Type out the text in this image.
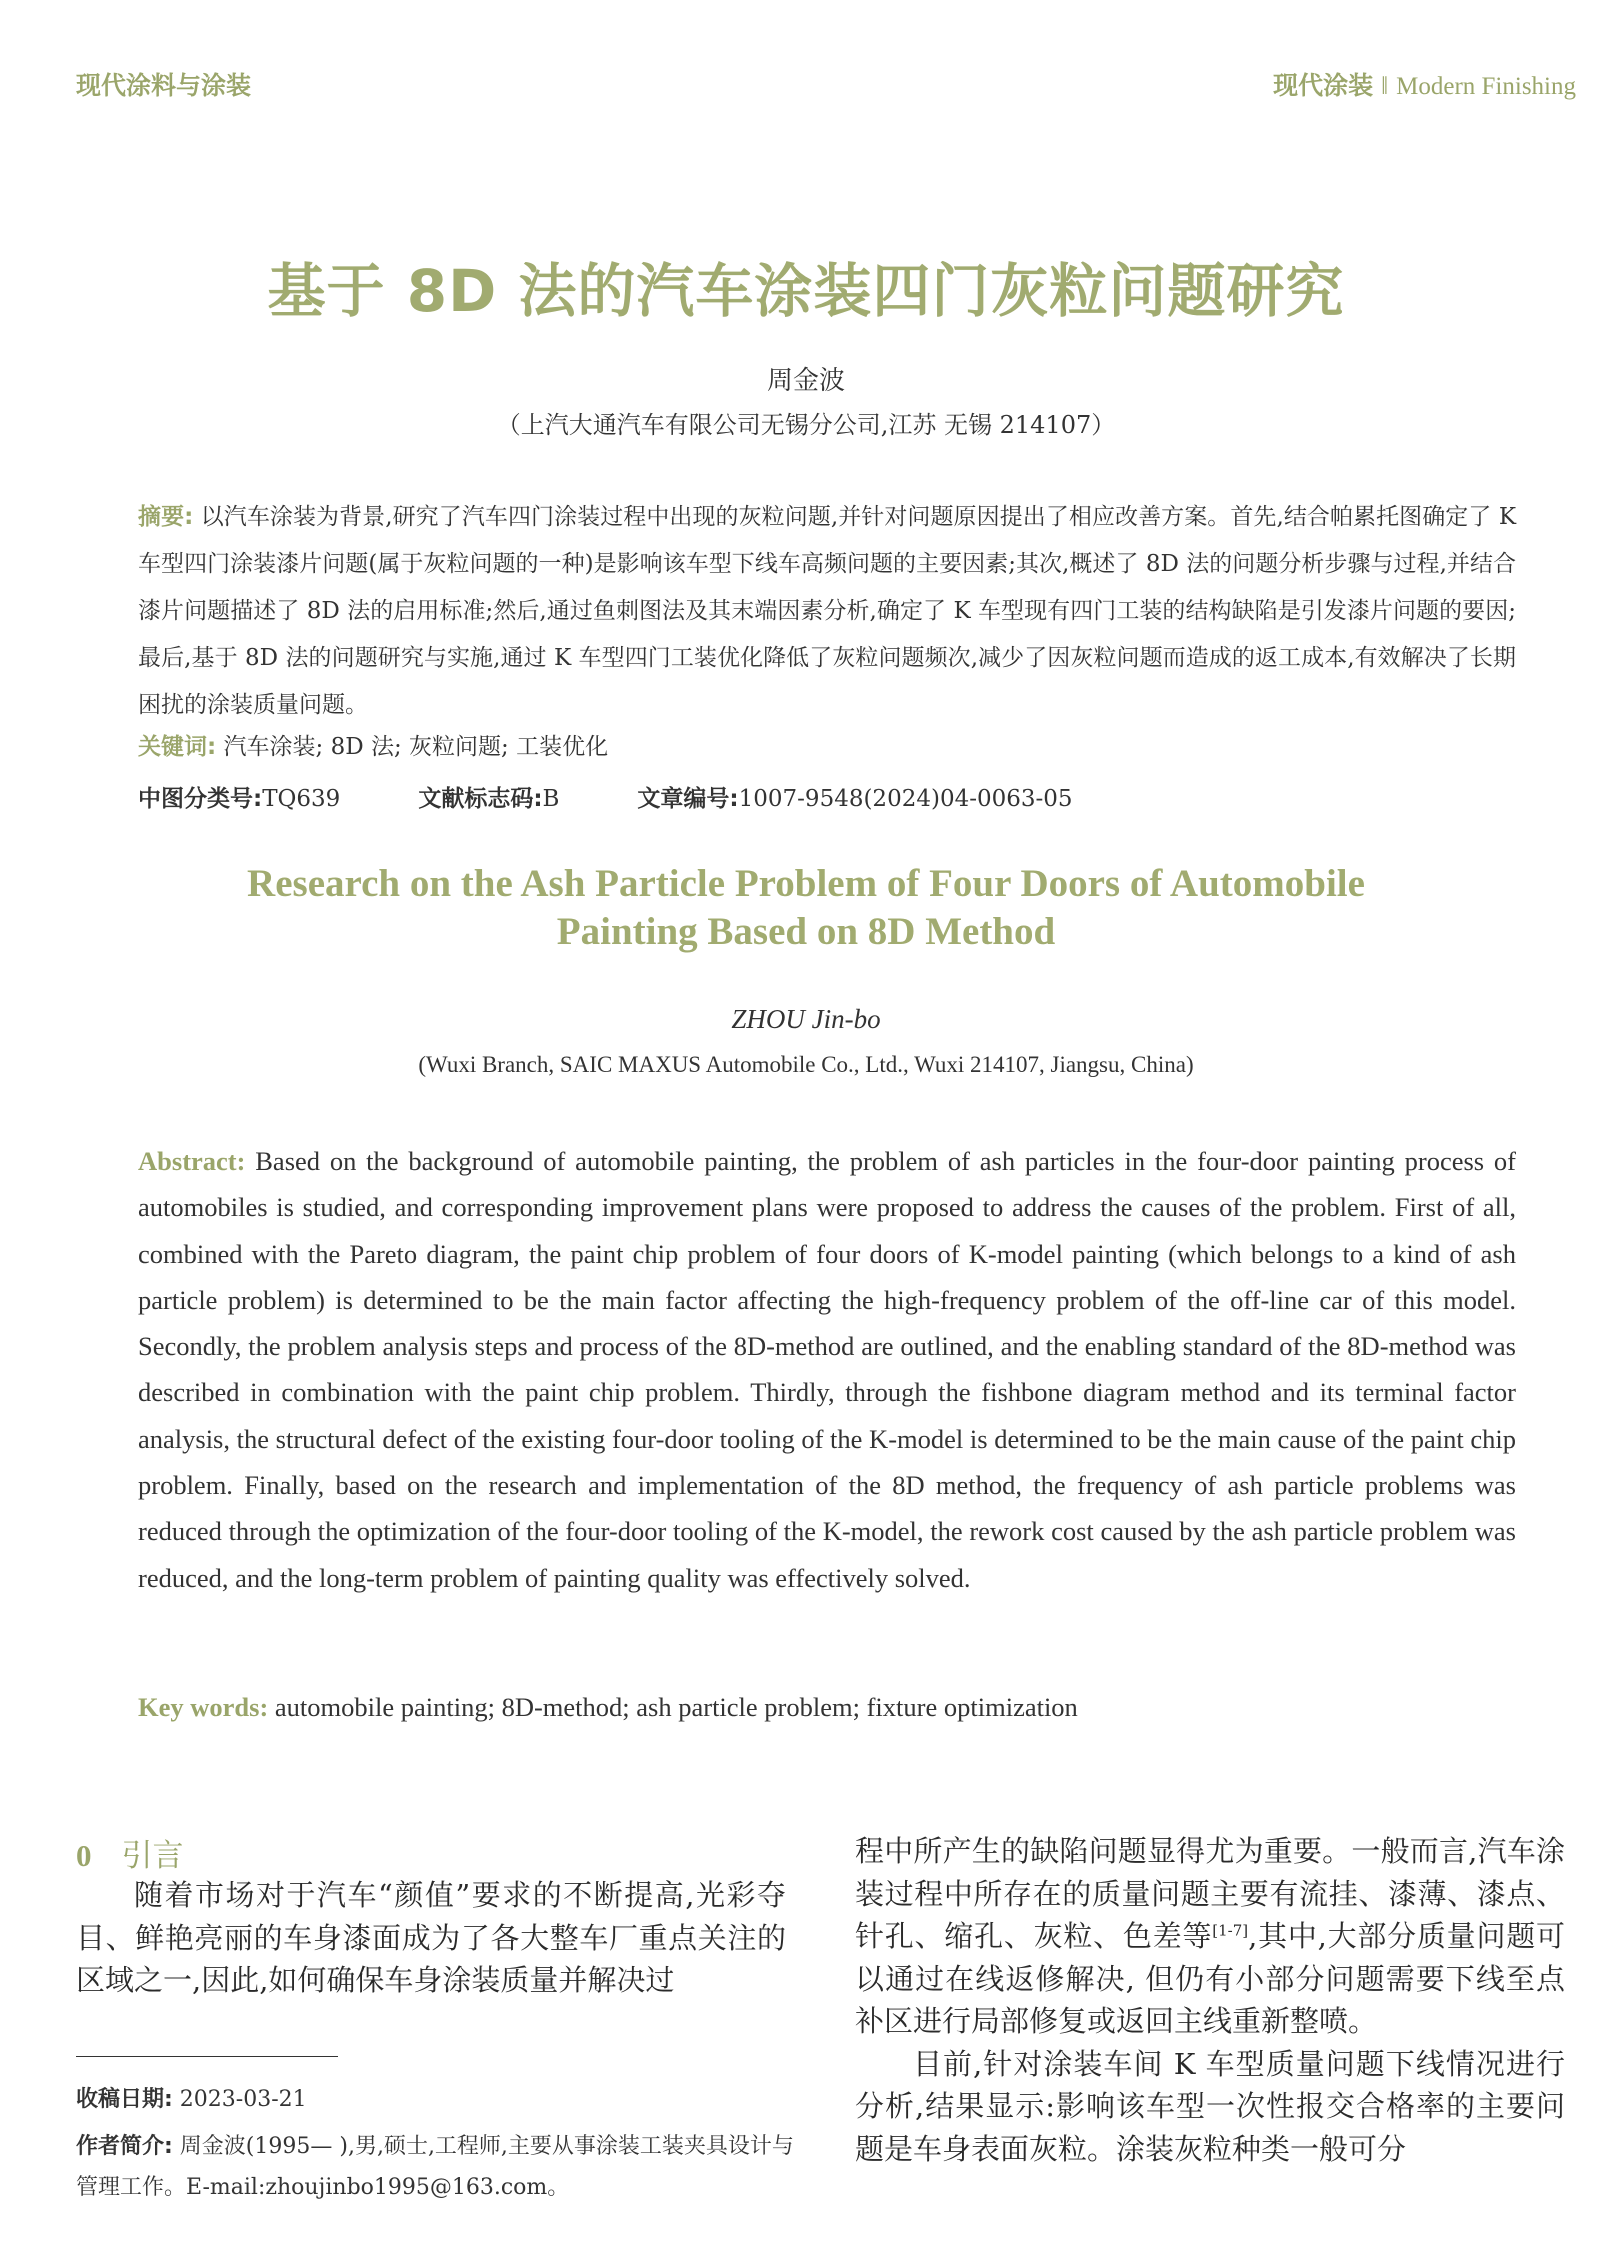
现代涂料与涂装	现代涂装 ‖ Modern Finishing
基于 8D 法的汽车涂装四门灰粒问题研究
周金波
（上汽大通汽车有限公司无锡分公司,江苏 无锡 214107）

摘要: 以汽车涂装为背景,研究了汽车四门涂装过程中出现的灰粒问题,并针对问题原因提出了相应改善方案。首先,结合帕累托图确定了 K 车型四门涂装漆片问题(属于灰粒问题的一种)是影响该车型下线车高频问题的主要因素;其次,概述了 8D 法的问题分析步骤与过程,并结合漆片问题描述了 8D 法的启用标准;然后,通过鱼刺图法及其末端因素分析,确定了 K 车型现有四门工装的结构缺陷是引发漆片问题的要因;最后,基于 8D 法的问题研究与实施,通过 K 车型四门工装优化降低了灰粒问题频次,减少了因灰粒问题而造成的返工成本,有效解决了长期困扰的涂装质量问题。

关键词: 汽车涂装; 8D 法; 灰粒问题; 工装优化

中图分类号:TQ639	文献标志码:B	文章编号:1007-9548(2024)04-0063-05
Research on the Ash Particle Problem of Four Doors of Automobile
Painting Based on 8D Method
ZHOU Jin-bo
(Wuxi Branch, SAIC MAXUS Automobile Co., Ltd., Wuxi 214107, Jiangsu, China)

Abstract: Based on the background of automobile painting, the problem of ash particles in the four-door painting process of automobiles is studied, and corresponding improvement plans were proposed to address the causes of the problem. First of all, combined with the Pareto diagram, the paint chip problem of four doors of K-model painting (which belongs to a kind of ash particle problem) is determined to be the main factor affecting the high-frequency problem of the off-line car of this model. Secondly, the problem analysis steps and process of the 8D-method are outlined, and the enabling standard of the 8D-method was described in combination with the paint chip problem. Thirdly, through the fishbone diagram method and its terminal factor analysis, the structural defect of the existing four-door tooling of the K-model is determined to be the main cause of the paint chip problem. Finally, based on the research and implementation of the 8D method, the frequency of ash particle problems was reduced through the optimization of the four-door tooling of the K-model, the rework cost caused by the ash particle problem was reduced, and the long-term problem of painting quality was effectively solved.

Key words: automobile painting; 8D-method; ash particle problem; fixture optimization

0 引言

随着市场对于汽车“颜值”要求的不断提高,光彩夺目、鲜艳亮丽的车身漆面成为了各大整车厂重点关注的区域之一,因此,如何确保车身涂装质量并解决过

程中所产生的缺陷问题显得尤为重要。一般而言,汽车涂装过程中所存在的质量问题主要有流挂、漆薄、漆点、针孔、缩孔、灰粒、色差等[1-7],其中,大部分质量问题可以通过在线返修解决, 但仍有小部分问题需要下线至点补区进行局部修复或返回主线重新整喷。

目前,针对涂装车间 K 车型质量问题下线情况进行分析,结果显示:影响该车型一次性报交合格率的主要问题是车身表面灰粒。涂装灰粒种类一般可分

收稿日期: 2023-03-21

作者简介: 周金波(1995— ),男,硕士,工程师,主要从事涂装工装夹具设计与管理工作。E-mail:zhoujinbo1995@163.com。
